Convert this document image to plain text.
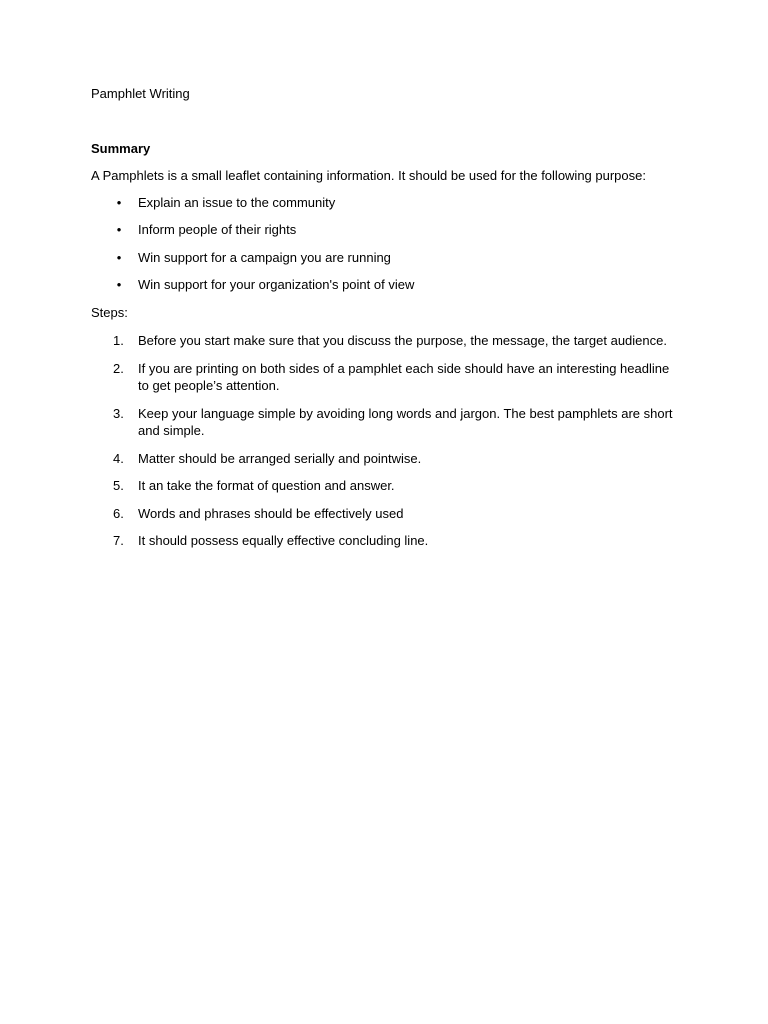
Pamphlet Writing
Summary
A Pamphlets is a small leaflet containing information. It should be used for the following purpose:
• Explain an issue to the community
• Inform people of their rights
• Win support for a campaign you are running
• Win support for your organization's point of view
Steps:
1.	Before you start make sure that you discuss the purpose, the message, the target audience.
2.	If you are printing on both sides of a pamphlet each side should have an interesting headline to get people’s attention.
3.	Keep your language simple by avoiding long words and jargon. The best pamphlets are short and simple.
4.	Matter should be arranged serially and pointwise.
5.	It an take the format of question and answer.
6.	Words and phrases should be effectively used
7.	It should possess equally effective concluding line.
